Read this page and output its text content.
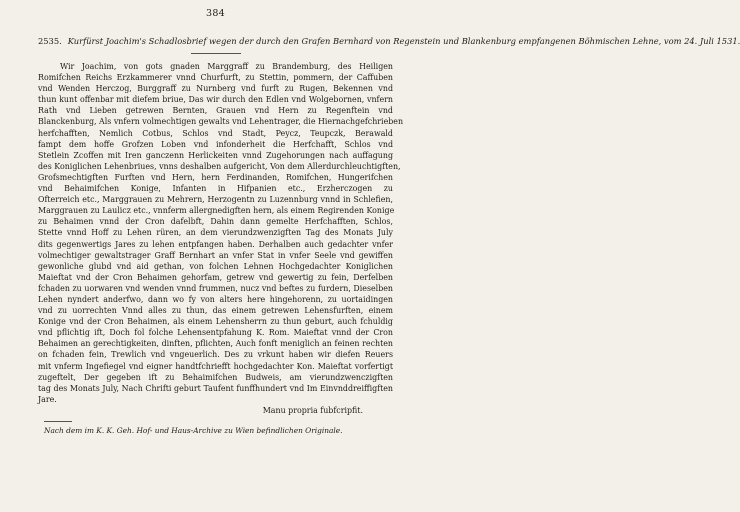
384
2535. Kurfürst Joachim's Schadlosbrief wegen der durch den Grafen Bernhard von Regenstein und Blankenburg empfangenen Böhmischen Lehne, vom 24. Juli 1531.
Wir Joachim, von gots gnaden Marggraff zu Brandemburg, des Heiligen
Romifchen Reichs Erzkammerer vnnd Churfurft, zu Stettin, pommern, der Caffuben
vnd Wenden Herczog, Burggraff zu Nurnberg vnd furft zu Rugen, Bekennen vnd
thun kunt offenbar mit diefem briue, Das wir durch den Edlen vnd Wolgebornen, vnfern
Rath vnd Lieben getrewen Bernten, Grauen vnd Hern zu Regenftein vnd
Blanckenburg, Als vnfern volmechtigen gewalts vnd Lehentrager, die Hiernachgefchrieben
herfchafften, Nemlich Cotbus, Schlos vnd Stadt, Peycz, Teupczk, Berawald
fampt dem hoffe Grofzen Loben vnd infonderheit die Herfchafft, Schlos vnd
Stetlein Zcoffen mit Iren ganczenn Herlickeiten vnnd Zugehorungen nach auffagung
des Koniglichen Lehenbriues, vnns deshalben aufgericht, Von dem Allerdurchleuchtigften,
Grofsmechtigften Furften vnd Hern, hern Ferdinanden, Romifchen, Hungerifchen
vnd Behaimifchen Konige, Infanten in Hifpanien etc., Erzherczogen zu
Ofterreich etc., Marggrauen zu Mehrern, Herzogentn zu Luzennburg vnnd in Schlefien,
Marggrauen zu Laulicz etc., vnnferm allergnedigften hern, als einem Regirenden Konige
zu Behaimen vnnd der Cron dafelbft, Dahin dann gemelte Herfchafften, Schlos,
Stette vnnd Hoff zu Lehen rüren, an dem vierundzwenzigften Tag des Monats July
dits gegenwertigs Jares zu lehen entpfangen haben. Derhalben auch gedachter vnfer
volmechtiger gewaltstrager Graff Bernhart an vnfer Stat in vnfer Seele vnd gewiffen
gewonliche glubd vnd aid gethan, von folchen Lehnen Hochgedachter Koniglichen
Maieftat vnd der Cron Behaimen gehorfam, getrew vnd gewertig zu fein, Derfelben
fchaden zu uorwaren vnd wenden vnnd frummen, nucz vnd beftes zu furdern, Dieselben
Lehen nyndert anderfwo, dann wo fy von alters here hingehorenn, zu uortaidingen
vnd zu uorrechten Vnnd alles zu thun, das einem getrewen Lehensfurften, einem
Konige vnd der Cron Behaimen, als einem Lehensherrn zu thun geburt, auch fchuldig
vnd pflichtig ift, Doch fol folche Lehensentpfahung K. Rom. Maieftat vnnd der Cron
Behaimen an gerechtigkeiten, dinften, pflichten, Auch fonft meniglich an feinen rechten
on fchaden fein, Trewlich vnd vngeuerlich. Des zu vrkunt haben wir diefen Reuers
mit vnferm Ingefiegel vnd eigner handtfchriefft hochgedachter Kon. Maieftat vorfertigt
zugeftelt, Der gegeben ift zu Behaimifchen Budweis, am vierundzwenczigften
tag des Monats July, Nach Chrifti geburt Taufent funffhundert vnd Im Einvnddreiffigften
Jare.
Manu propria fubfcripfit.
Nach dem im K. K. Geh. Hof- und Haus-Archive zu Wien befindlichen Originale.
